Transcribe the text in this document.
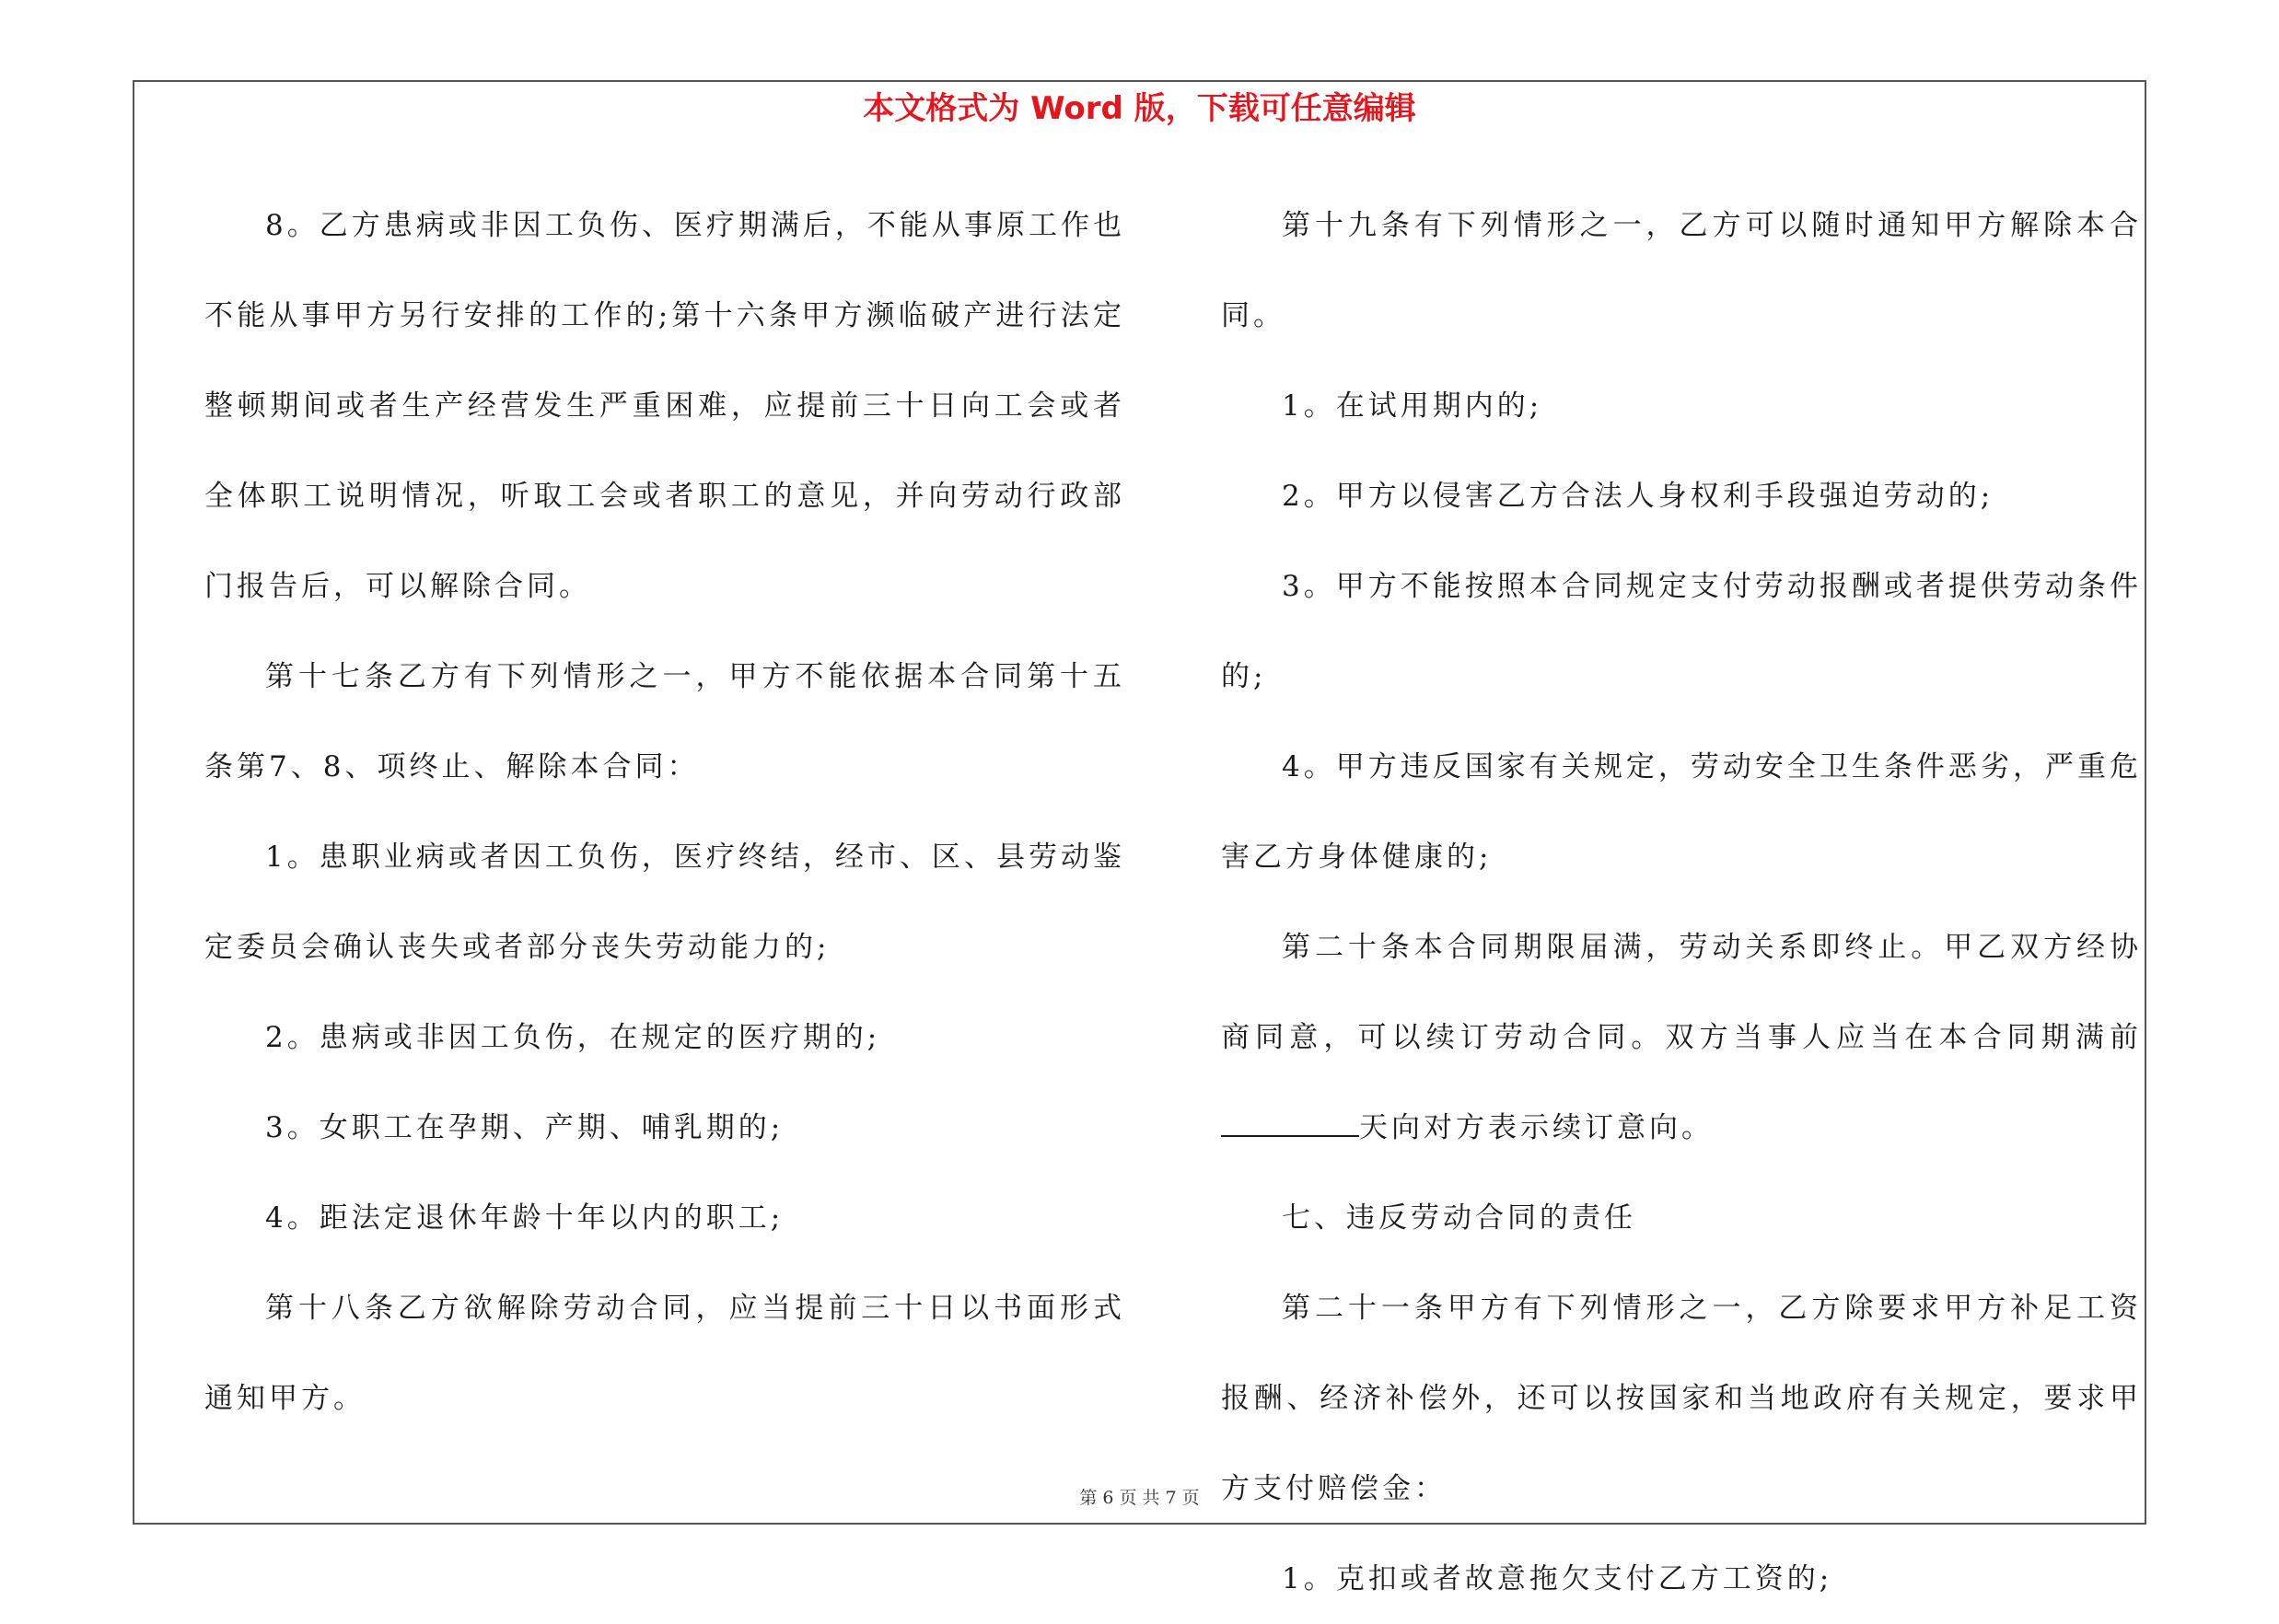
本文格式为 Word 版，下载可任意编辑

8。乙方患病或非因工负伤、医疗期满后，不能从事原工作也不能从事甲方另行安排的工作的;第十六条甲方濒临破产进行法定整顿期间或者生产经营发生严重困难，应提前三十日向工会或者全体职工说明情况，听取工会或者职工的意见，并向劳动行政部门报告后，可以解除合同。

第十七条乙方有下列情形之一，甲方不能依据本合同第十五条第7、8、项终止、解除本合同：

1。患职业病或者因工负伤，医疗终结，经市、区、县劳动鉴定委员会确认丧失或者部分丧失劳动能力的;

2。患病或非因工负伤，在规定的医疗期的;

3。女职工在孕期、产期、哺乳期的;

4。距法定退休年龄十年以内的职工;

第十八条乙方欲解除劳动合同，应当提前三十日以书面形式通知甲方。

第十九条有下列情形之一，乙方可以随时通知甲方解除本合同。

1。在试用期内的;

2。甲方以侵害乙方合法人身权利手段强迫劳动的;

3。甲方不能按照本合同规定支付劳动报酬或者提供劳动条件的;

4。甲方违反国家有关规定，劳动安全卫生条件恶劣，严重危害乙方身体健康的;

第二十条本合同期限届满，劳动关系即终止。甲乙双方经协商同意，可以续订劳动合同。双方当事人应当在本合同期满前天向对方表示续订意向。

七、违反劳动合同的责任

第二十一条甲方有下列情形之一，乙方除要求甲方补足工资报酬、经济补偿外，还可以按国家和当地政府有关规定，要求甲方支付赔偿金：

1。克扣或者故意拖欠支付乙方工资的;

第 6 页 共 7 页
